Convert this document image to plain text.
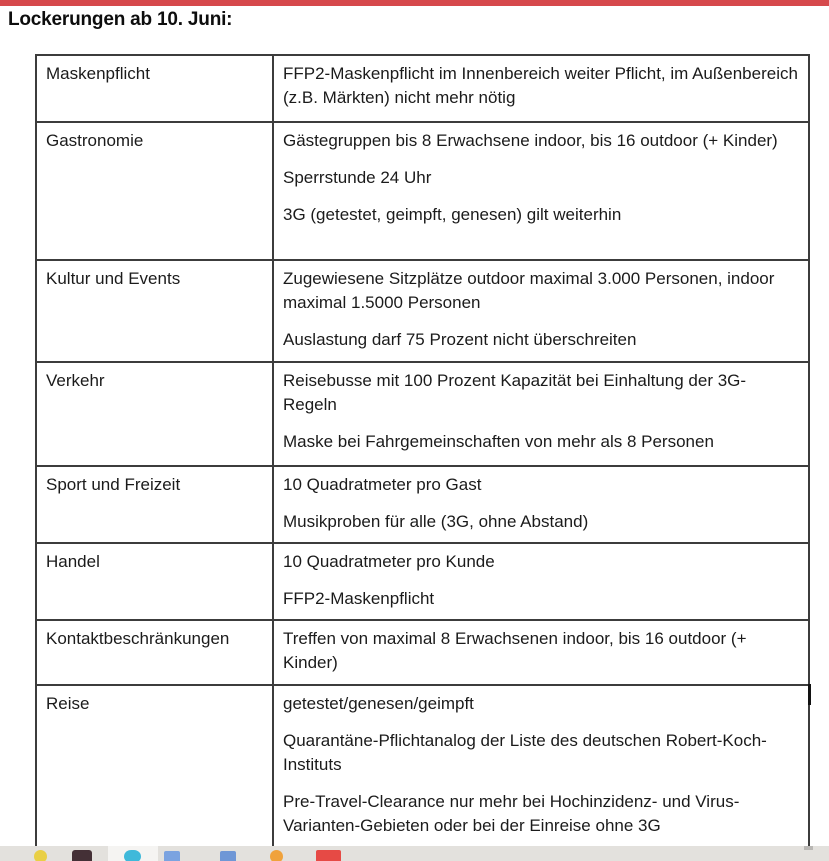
Lockerungen ab 10. Juni:
Maskenpflicht	FFP2-Maskenpflicht im Innenbereich weiter Pflicht, im Außenbereich (z.B. Märkten) nicht mehr nötig

Gastronomie	Gästegruppen bis 8 Erwachsene indoor, bis 16 outdoor (+ Kinder)

Sperrstunde 24 Uhr

3G (getestet, geimpft, genesen) gilt weiterhin

Kultur und Events	Zugewiesene Sitzplätze outdoor maximal 3.000 Personen, indoor maximal 1.5000 Personen

Auslastung darf 75 Prozent nicht überschreiten

Verkehr	Reisebusse mit 100 Prozent Kapazität bei Einhaltung der 3G-Regeln

Maske bei Fahrgemeinschaften von mehr als 8 Personen

Sport und Freizeit	10 Quadratmeter pro Gast

Musikproben für alle (3G, ohne Abstand)

Handel	10 Quadratmeter pro Kunde

FFP2-Maskenpflicht

Kontaktbeschränkungen	Treffen von maximal 8 Erwachsenen indoor, bis 16 outdoor (+ Kinder)

Reise	getestet/genesen/geimpft

Quarantäne-Pflichtanalog der Liste des deutschen Robert-Koch-Instituts

Pre-Travel-Clearance nur mehr bei Hochinzidenz- und Virus-Varianten-Gebieten oder bei der Einreise ohne 3G
